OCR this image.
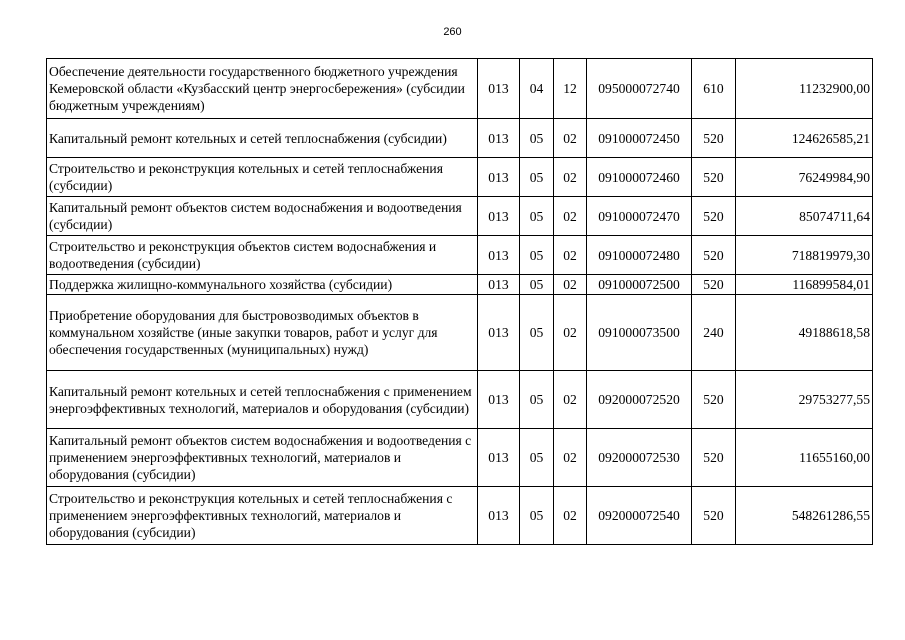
260
Обеспечение деятельности государственного бюджетного учреждения Кемеровской области «Кузбасский центр энергосбережения» (субсидии бюджетным учреждениям)	013	04	12	095000072740	610	11232900,00
Капитальный ремонт котельных и сетей теплоснабжения (субсидии)	013	05	02	091000072450	520	124626585,21
Строительство и реконструкция котельных и сетей теплоснабжения (субсидии)	013	05	02	091000072460	520	76249984,90
Капитальный ремонт объектов систем водоснабжения и водоотведения (субсидии)	013	05	02	091000072470	520	85074711,64
Строительство и реконструкция объектов систем водоснабжения и водоотведения (субсидии)	013	05	02	091000072480	520	718819979,30
Поддержка жилищно-коммунального хозяйства (субсидии)	013	05	02	091000072500	520	116899584,01
Приобретение оборудования для быстровозводимых объектов в коммунальном хозяйстве (иные закупки товаров, работ и услуг для обеспечения государственных (муниципальных) нужд)	013	05	02	091000073500	240	49188618,58
Капитальный ремонт котельных и сетей теплоснабжения с применением энергоэффективных технологий, материалов и оборудования (субсидии)	013	05	02	092000072520	520	29753277,55
Капитальный ремонт объектов систем водоснабжения и водоотведения с применением энергоэффективных технологий, материалов и оборудования (субсидии)	013	05	02	092000072530	520	11655160,00
Строительство и реконструкция котельных и сетей теплоснабжения с применением энергоэффективных технологий, материалов и оборудования (субсидии)	013	05	02	092000072540	520	548261286,55
